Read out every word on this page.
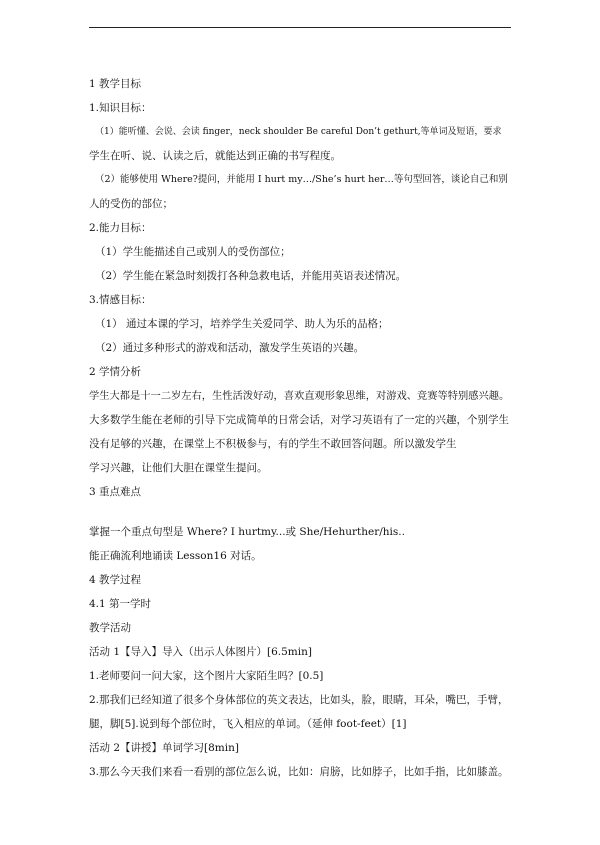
1 教学目标
1.知识目标：
（1）能听懂、会说、会读 finger，neck shoulder Be careful Don’t gethurt,等单词及短语，要求
学生在听、说、认读之后，就能达到正确的书写程度。
（2）能够使用 Where?提问，并能用 I hurt my…/She’s hurt her…等句型回答，谈论自己和别
人的受伤的部位；
2.能力目标：
（1）学生能描述自己或别人的受伤部位；
（2）学生能在紧急时刻拨打各种急救电话，并能用英语表述情况。
3.情感目标：
（1） 通过本课的学习，培养学生关爱同学、助人为乐的品格；
（2）通过多种形式的游戏和活动，激发学生英语的兴趣。
2 学情分析
学生大都是十一二岁左右，生性活泼好动，喜欢直观形象思维，对游戏、竞赛等特别感兴趣。
大多数学生能在老师的引导下完成简单的日常会话，对学习英语有了一定的兴趣，个别学生
没有足够的兴趣，在课堂上不积极参与，有的学生不敢回答问题。所以激发学生
学习兴趣，让他们大胆在课堂生提问。
3 重点难点
掌握一个重点句型是 Where? I hurtmy...或 She/Hehurther/his..
能正确流利地诵读 Lesson16 对话。
4 教学过程
4.1 第一学时
教学活动
活动 1【导入】导入（出示人体图片）[6.5min]
1.老师要问一问大家，这个图片大家陌生吗？[0.5]
2.那我们已经知道了很多个身体部位的英文表达，比如头，脸，眼睛，耳朵，嘴巴，手臂，
腿，脚[5].说到每个部位时，飞入相应的单词。（延伸 foot-feet）[1]
活动 2【讲授】单词学习[8min]
3.那么今天我们来看一看别的部位怎么说，比如：肩膀，比如脖子，比如手指，比如膝盖。
